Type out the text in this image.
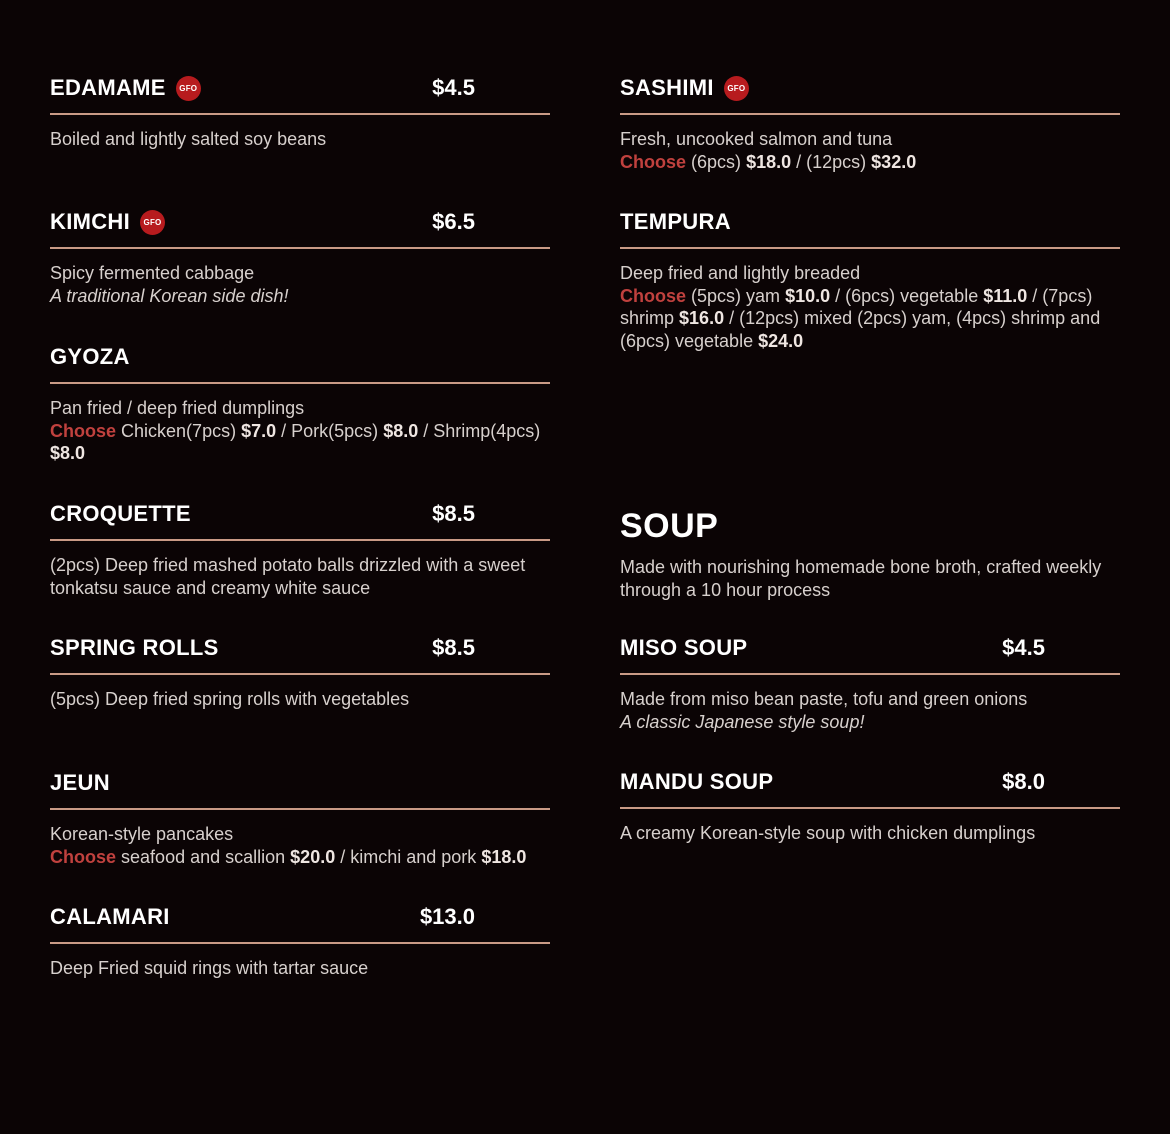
EDAMAME	GFO	$4.5

Boiled and lightly salted soy beans

KIMCHI	GFO	$6.5

Spicy fermented cabbage

A traditional Korean side dish!

GYOZA

Pan fried / deep fried dumplings

Choose Chicken(7pcs) $7.0 / Pork(5pcs) $8.0 / Shrimp(4pcs) $8.0

CROQUETTE	$8.5

(2pcs) Deep fried mashed potato balls drizzled with a sweet tonkatsu sauce and creamy white sauce

SPRING ROLLS	$8.5

(5pcs) Deep fried spring rolls with vegetables

JEUN

Korean-style pancakes

Choose seafood and scallion $20.0 / kimchi and pork $18.0

CALAMARI	$13.0

Deep Fried squid rings with tartar sauce

SASHIMI	GFO

Fresh, uncooked salmon and tuna

Choose (6pcs) $18.0 / (12pcs) $32.0

TEMPURA

Deep fried and lightly breaded

Choose (5pcs) yam $10.0 / (6pcs) vegetable $11.0 / (7pcs) shrimp $16.0 / (12pcs) mixed (2pcs) yam, (4pcs) shrimp and (6pcs) vegetable $24.0

SOUP
Made with nourishing homemade bone broth, crafted weekly through a 10 hour process
MISO SOUP	$4.5

Made from miso bean paste, tofu and green onions

A classic Japanese style soup!

MANDU SOUP	$8.0

A creamy Korean-style soup with chicken dumplings
